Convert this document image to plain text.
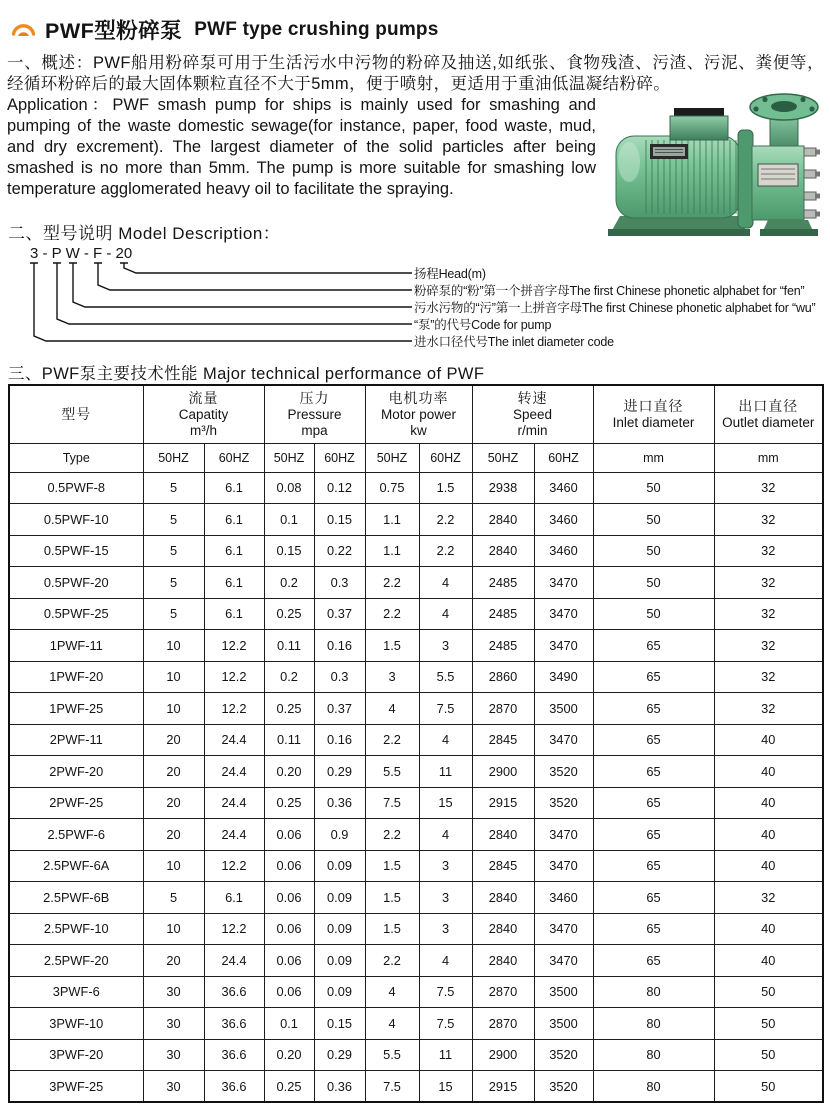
PWF型粉碎泵 PWF type crushing pumps
一、概述：PWF船用粉碎泵可用于生活污水中污物的粉碎及抽送,如纸张、食物残渣、污渣、污泥、粪便等，经循环粉碎后的最大固体颗粒直径不大于5mm，便于喷射，更适用于重油低温凝结粉碎。
Application：PWF smash pump for ships is mainly used for smashing and pumping of the waste domestic sewage(for instance, paper, food waste, mud, and dry excrement). The largest diameter of the solid particles after being smashed is no more than 5mm. The pump is more suitable for smashing low temperature agglomerated heavy oil to facilitate the spraying.
二、型号说明 Model Description：
3 - P W - F - 20
扬程Head(m)
粉碎泵的“粉”第一个拼音字母The first Chinese phonetic alphabet for “fen”
污水污物的“污”第一上拼音字母The first Chinese phonetic alphabet for “wu”
“泵”的代号Code for pump
进水口径代号The inlet diameter code
三、PWF泵主要技术性能 Major technical performance of PWF
型号

流量
Capatity
m³/h

压力
Pressure
mpa

电机功率
Motor power
kw

转速
Speed
r/min

进口直径
Inlet diameter

出口直径
Outlet diameter

Type	50HZ	60HZ	50HZ	60HZ	50HZ	60HZ	50HZ	60HZ	mm	mm
0.5PWF-8	5	6.1	0.08	0.12	0.75	1.5	2938	3460	50	32
0.5PWF-10	5	6.1	0.1	0.15	1.1	2.2	2840	3460	50	32
0.5PWF-15	5	6.1	0.15	0.22	1.1	2.2	2840	3460	50	32
0.5PWF-20	5	6.1	0.2	0.3	2.2	4	2485	3470	50	32
0.5PWF-25	5	6.1	0.25	0.37	2.2	4	2485	3470	50	32
1PWF-11	10	12.2	0.11	0.16	1.5	3	2485	3470	65	32
1PWF-20	10	12.2	0.2	0.3	3	5.5	2860	3490	65	32
1PWF-25	10	12.2	0.25	0.37	4	7.5	2870	3500	65	32
2PWF-11	20	24.4	0.11	0.16	2.2	4	2845	3470	65	40
2PWF-20	20	24.4	0.20	0.29	5.5	11	2900	3520	65	40
2PWF-25	20	24.4	0.25	0.36	7.5	15	2915	3520	65	40
2.5PWF-6	20	24.4	0.06	0.9	2.2	4	2840	3470	65	40
2.5PWF-6A	10	12.2	0.06	0.09	1.5	3	2845	3470	65	40
2.5PWF-6B	5	6.1	0.06	0.09	1.5	3	2840	3460	65	32
2.5PWF-10	10	12.2	0.06	0.09	1.5	3	2840	3470	65	40
2.5PWF-20	20	24.4	0.06	0.09	2.2	4	2840	3470	65	40
3PWF-6	30	36.6	0.06	0.09	4	7.5	2870	3500	80	50
3PWF-10	30	36.6	0.1	0.15	4	7.5	2870	3500	80	50
3PWF-20	30	36.6	0.20	0.29	5.5	11	2900	3520	80	50
3PWF-25	30	36.6	0.25	0.36	7.5	15	2915	3520	80	50
